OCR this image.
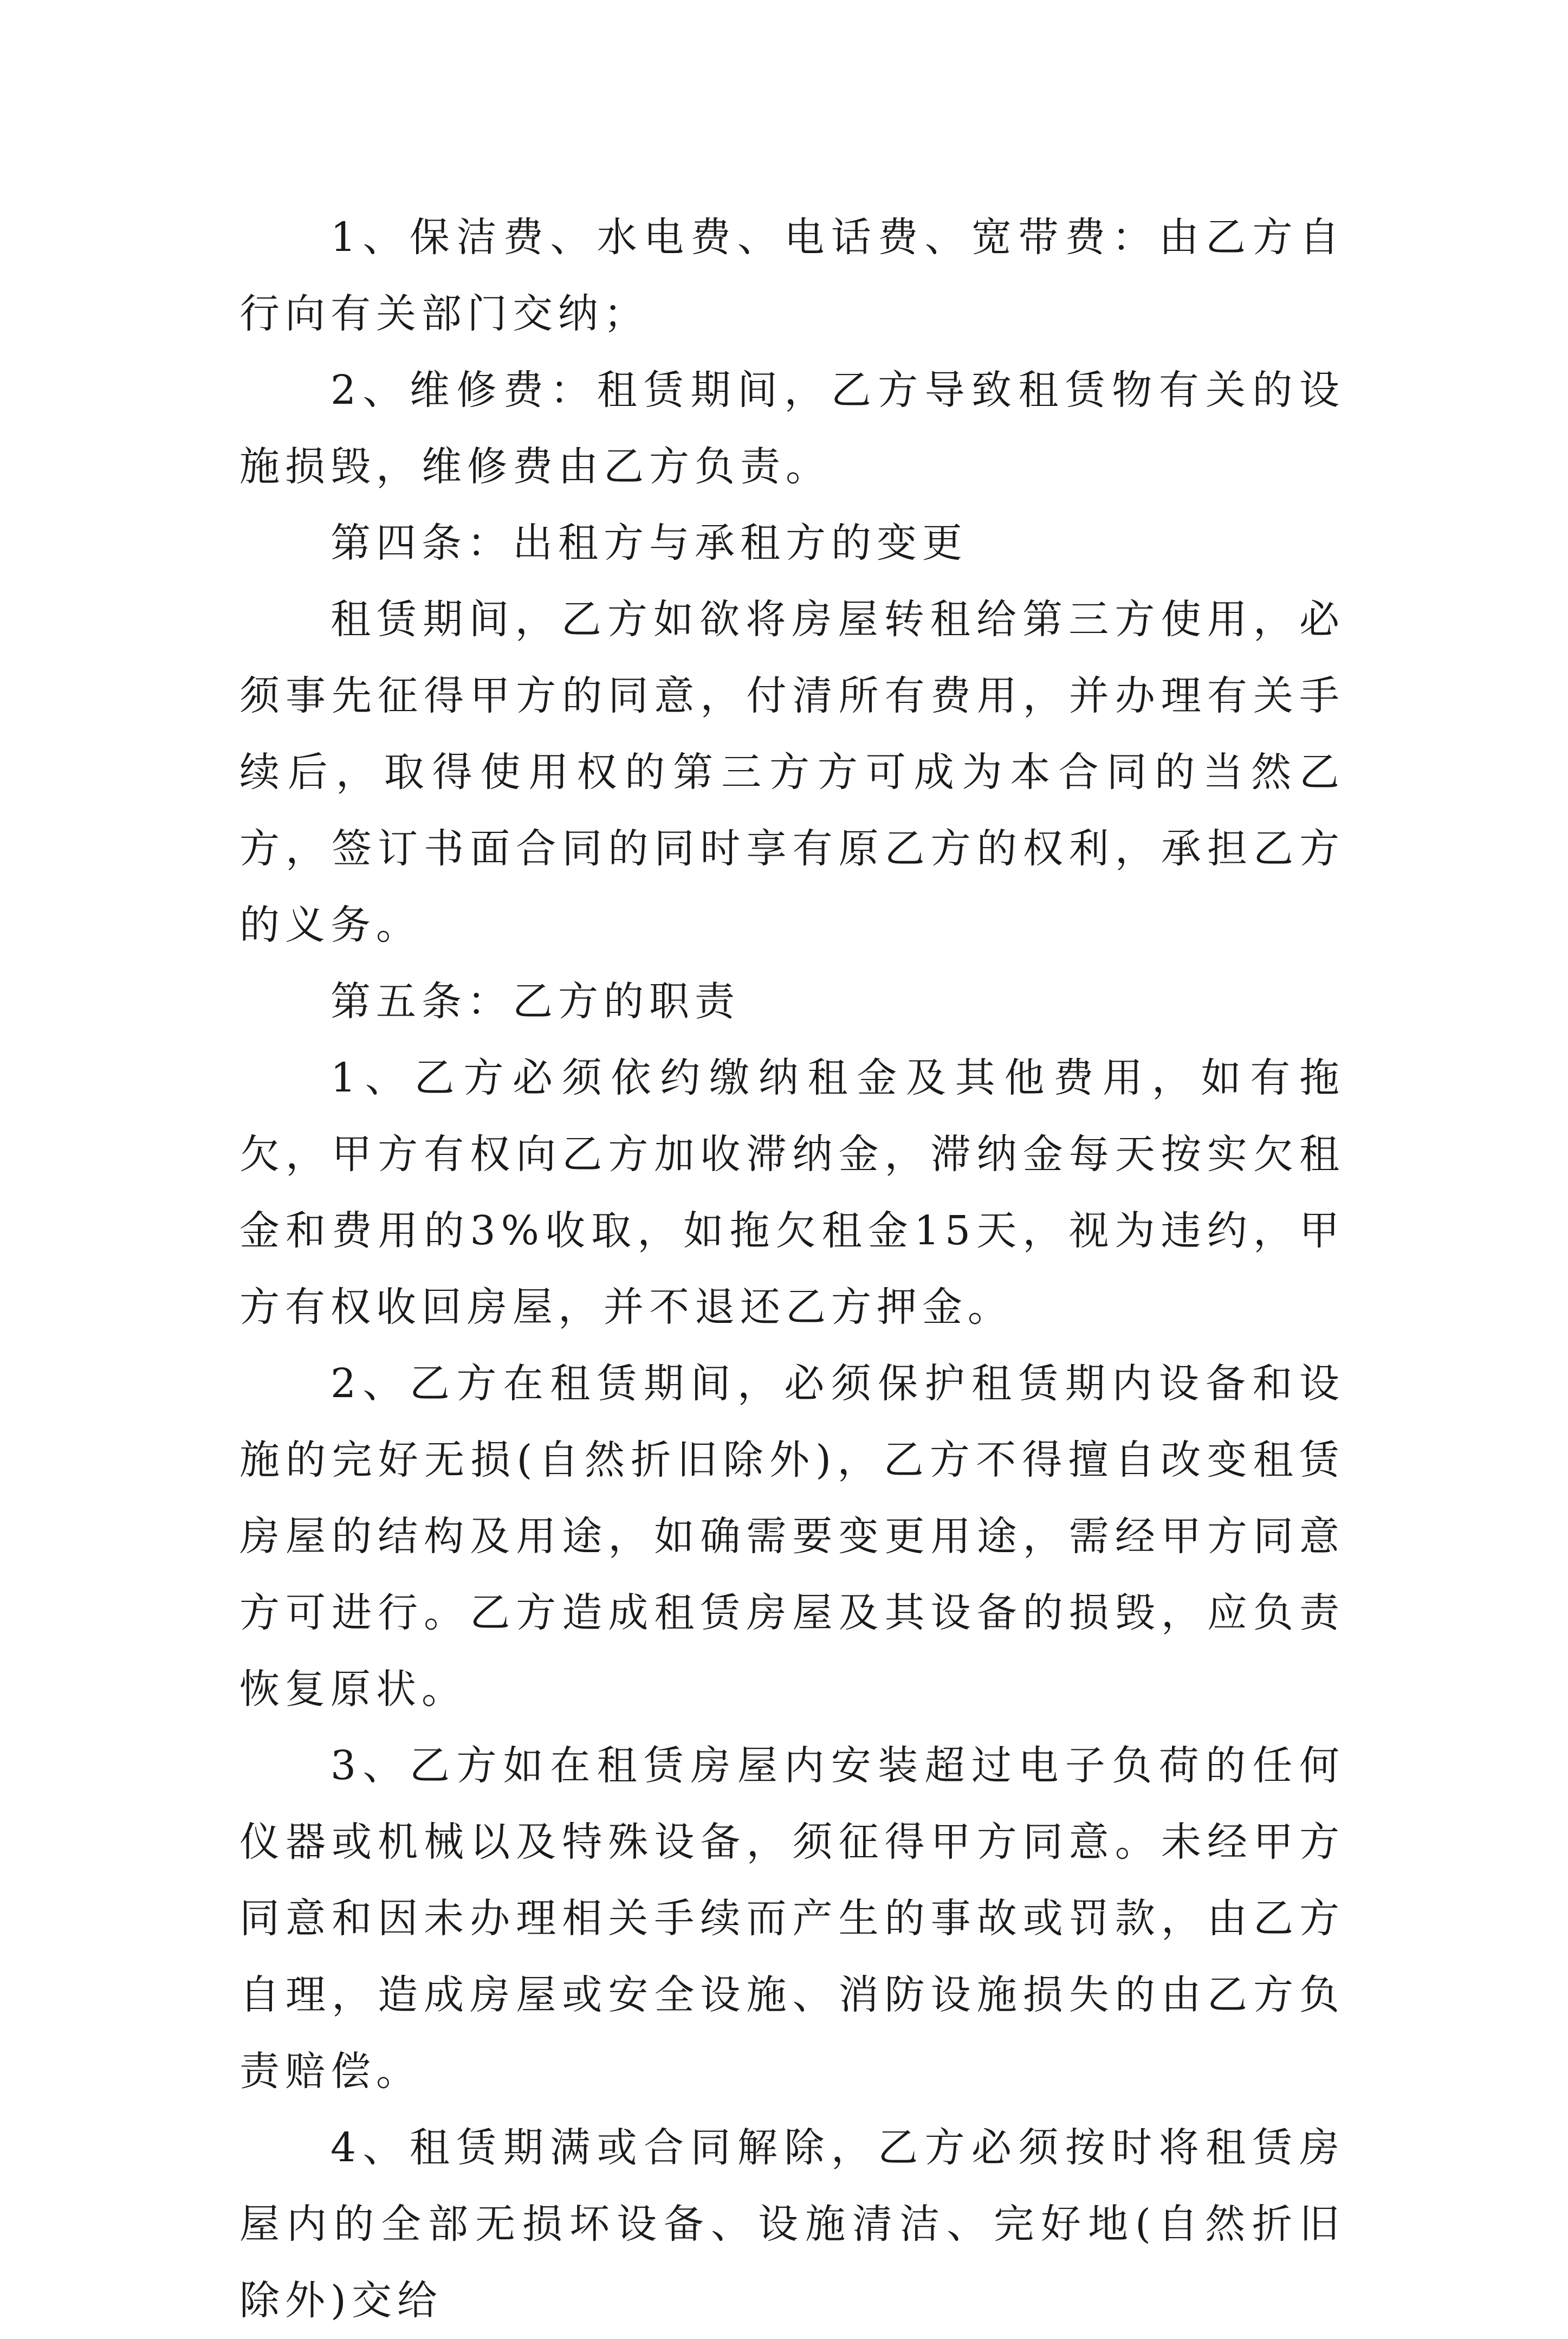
1、保洁费、水电费、电话费、宽带费：由乙方自行向有关部门交纳；

2、维修费：租赁期间，乙方导致租赁物有关的设施损毁，维修费由乙方负责。

第四条：出租方与承租方的变更

租赁期间，乙方如欲将房屋转租给第三方使用，必须事先征得甲方的同意，付清所有费用，并办理有关手续后，取得使用权的第三方方可成为本合同的当然乙方，签订书面合同的同时享有原乙方的权利，承担乙方的义务。

第五条：乙方的职责

1、乙方必须依约缴纳租金及其他费用，如有拖欠，甲方有权向乙方加收滞纳金，滞纳金每天按实欠租金和费用的3%收取，如拖欠租金15天，视为违约，甲方有权收回房屋，并不退还乙方押金。

2、乙方在租赁期间，必须保护租赁期内设备和设施的完好无损(自然折旧除外)，乙方不得擅自改变租赁房屋的结构及用途，如确需要变更用途，需经甲方同意方可进行。乙方造成租赁房屋及其设备的损毁，应负责恢复原状。

3、乙方如在租赁房屋内安装超过电子负荷的任何仪器或机械以及特殊设备，须征得甲方同意。未经甲方同意和因未办理相关手续而产生的事故或罚款，由乙方自理，造成房屋或安全设施、消防设施损失的由乙方负责赔偿。

4、租赁期满或合同解除，乙方必须按时将租赁房屋内的全部无损坏设备、设施清洁、完好地(自然折旧除外)交给
